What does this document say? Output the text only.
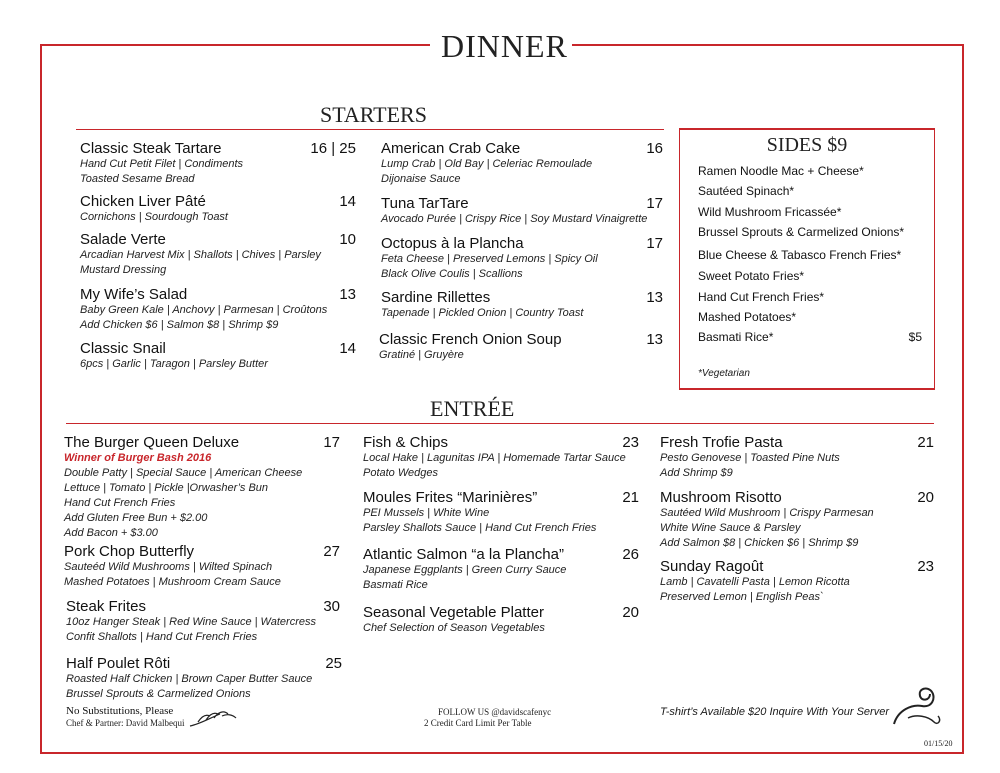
DINNER
STARTERS
Classic Steak Tartare	16 | 25
Hand Cut Petit Filet | Condiments
Toasted Sesame Bread
Chicken Liver Pâté	14
Cornichons | Sourdough Toast
Salade Verte	10
Arcadian Harvest Mix | Shallots | Chives | Parsley
Mustard Dressing
My Wife’s Salad	13
Baby Green Kale | Anchovy | Parmesan | Croûtons
Add Chicken $6 | Salmon $8 | Shrimp $9
Classic Snail	14
6pcs | Garlic | Taragon | Parsley Butter
American Crab Cake	16
Lump Crab | Old Bay | Celeriac Remoulade
Dijonaise Sauce
Tuna TarTare	17
Avocado Purée | Crispy Rice | Soy Mustard Vinaigrette
Octopus à la Plancha	17
Feta Cheese | Preserved Lemons | Spicy Oil
Black Olive Coulis | Scallions
Sardine Rillettes	13
Tapenade | Pickled Onion | Country Toast
Classic French Onion Soup	13
Gratiné | Gruyère
SIDES $9
Ramen Noodle Mac + Cheese*
Sautéed Spinach*
Wild Mushroom Fricassée*
Brussel Sprouts & Carmelized Onions*
Blue Cheese & Tabasco French Fries*
Sweet Potato Fries*
Hand Cut French Fries*
Mashed Potatoes*
Basmati Rice*	$5
*Vegetarian
ENTRÉE
The Burger Queen Deluxe	17
Winner of Burger Bash 2016
Double Patty | Special Sauce | American Cheese
Lettuce | Tomato | Pickle |Orwasher’s Bun
Hand Cut French Fries
Add Gluten Free Bun + $2.00
Add Bacon + $3.00
Pork Chop Butterfly	27
Sauteéd Wild Mushrooms | Wilted Spinach
Mashed Potatoes | Mushroom Cream Sauce
Steak Frites	30
10oz Hanger Steak | Red Wine Sauce | Watercress
Confit Shallots | Hand Cut French Fries
Half Poulet Rôti	25
Roasted Half Chicken | Brown Caper Butter Sauce
Brussel Sprouts & Carmelized Onions
Fish & Chips	23
Local Hake | Lagunitas IPA | Homemade Tartar Sauce
Potato Wedges
Moules Frites “Marinières”	21
PEI Mussels | White Wine
Parsley Shallots Sauce | Hand Cut French Fries
Atlantic Salmon “a la Plancha”	26
Japanese Eggplants | Green Curry Sauce
Basmati Rice
Seasonal Vegetable Platter	20
Chef Selection of Season Vegetables
Fresh Trofie Pasta	21
Pesto Genovese | Toasted Pine Nuts
Add Shrimp $9
Mushroom Risotto	20
Sautéed Wild Mushroom | Crispy Parmesan
White Wine Sauce & Parsley
Add Salmon $8 | Chicken $6 | Shrimp $9
Sunday Ragoût	23
Lamb | Cavatelli Pasta | Lemon Ricotta
Preserved Lemon | English Peas`
No Substitutions, Please
Chef & Partner: David Malbequi
FOLLOW US @davidscafenyc
2 Credit Card Limit Per Table
T-shirt’s Available $20 Inquire With Your Server
01/15/20
